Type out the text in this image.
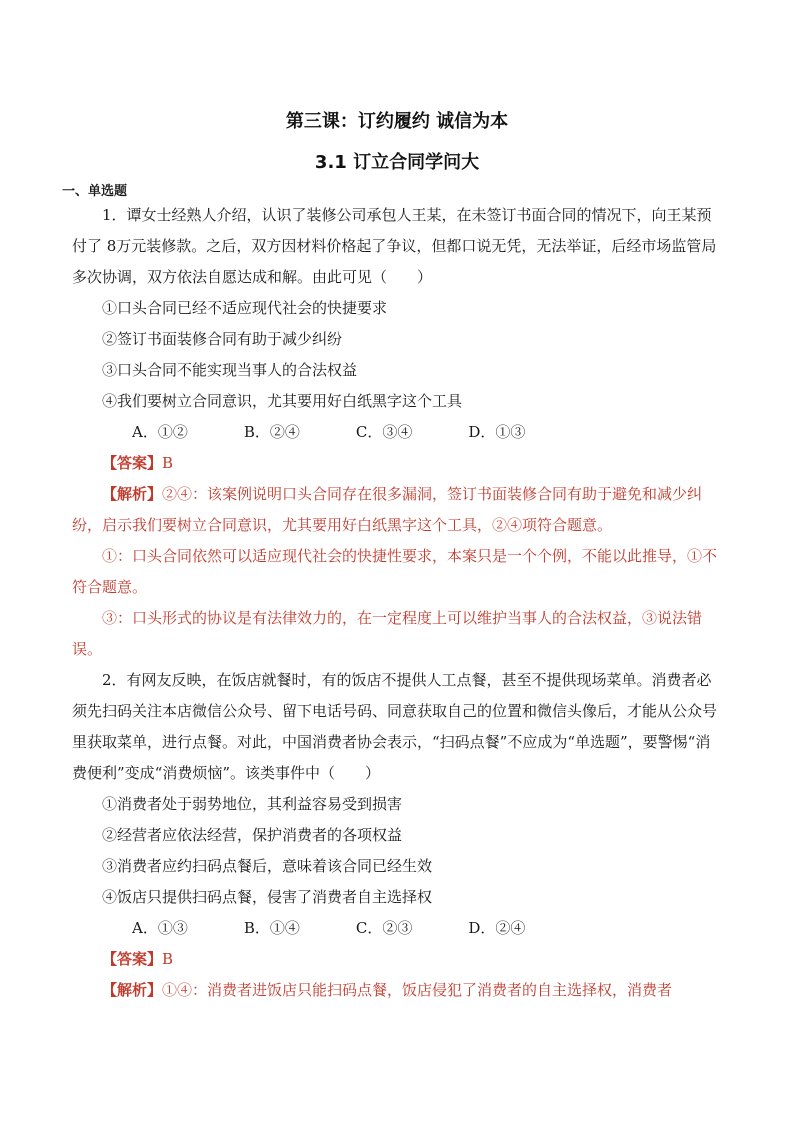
第三课：订约履约 诚信为本
3.1 订立合同学问大
一、单选题

1．谭女士经熟人介绍，认识了装修公司承包人王某，在未签订书面合同的情况下，向王某预付了 8万元装修款。之后，双方因材料价格起了争议，但都口说无凭，无法举证，后经市场监管局多次协调，双方依法自愿达成和解。由此可见（　　）

①口头合同已经不适应现代社会的快捷要求

②签订书面装修合同有助于减少纠纷

③口头合同不能实现当事人的合法权益

④我们要树立合同意识，尤其要用好白纸黑字这个工具

A．①②	B．②④	C．③④	D．①③

【答案】B

【解析】②④：该案例说明口头合同存在很多漏洞，签订书面装修合同有助于避免和减少纠纷，启示我们要树立合同意识，尤其要用好白纸黑字这个工具，②④项符合题意。

①：口头合同依然可以适应现代社会的快捷性要求，本案只是一个个例，不能以此推导，①不符合题意。

③：口头形式的协议是有法律效力的，在一定程度上可以维护当事人的合法权益，③说法错误。

2．有网友反映，在饭店就餐时，有的饭店不提供人工点餐，甚至不提供现场菜单。消费者必须先扫码关注本店微信公众号、留下电话号码、同意获取自己的位置和微信头像后，才能从公众号里获取菜单，进行点餐。对此，中国消费者协会表示，“扫码点餐”不应成为“单选题”，要警惕“消费便利”变成“消费烦恼”。该类事件中（　　）

①消费者处于弱势地位，其利益容易受到损害

②经营者应依法经营，保护消费者的各项权益

③消费者应约扫码点餐后，意味着该合同已经生效

④饭店只提供扫码点餐，侵害了消费者自主选择权

A．①③	B．①④	C．②③	D．②④

【答案】B

【解析】①④：消费者进饭店只能扫码点餐，饭店侵犯了消费者的自主选择权，消费者
